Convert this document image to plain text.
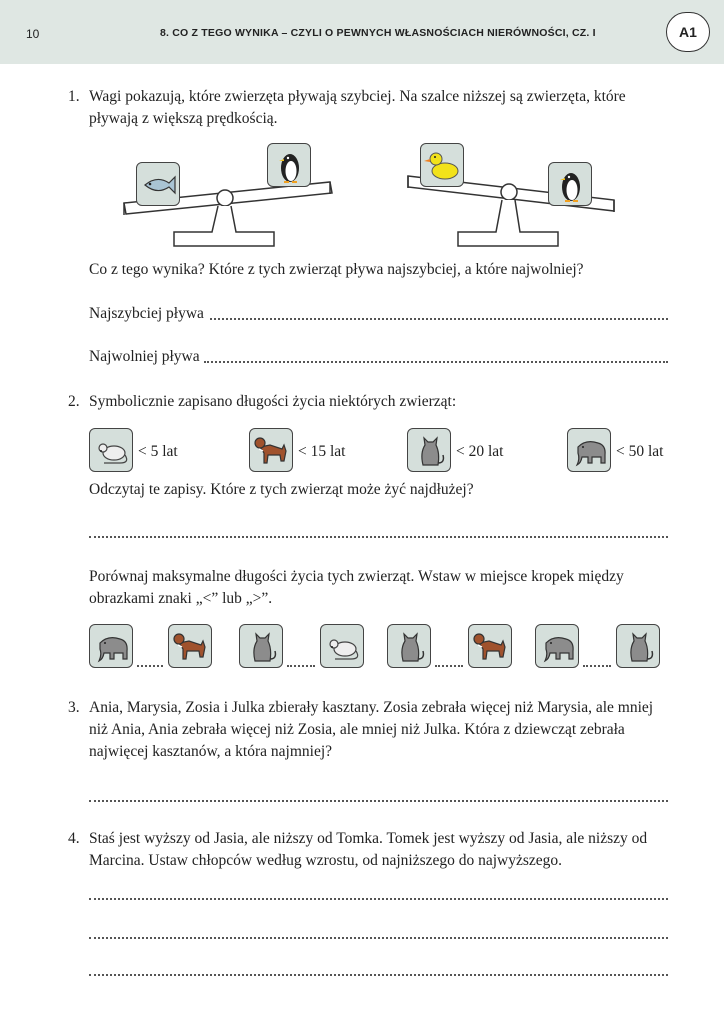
10	8. CO Z TEGO WYNIKA – CZYLI O PEWNYCH WŁASNOŚCIACH NIERÓWNOŚCI, CZ. I	A1
1. Wagi pokazują, które zwierzęta pływają szybciej. Na szalce niższej są zwierzęta, które
pływają z większą prędkością.
Co z tego wynika? Które z tych zwierząt pływa najszybciej, a które najwolniej?
Najszybciej pływa
Najwolniej pływa
2. Symbolicznie zapisano długości życia niektórych zwierząt:
< 5 lat	< 15 lat	< 20 lat	< 50 lat
Odczytaj te zapisy. Które z tych zwierząt może żyć najdłużej?
Porównaj maksymalne długości życia tych zwierząt. Wstaw w miejsce kropek między
obrazkami znaki „<” lub „>”.
3. Ania, Marysia, Zosia i Julka zbierały kasztany. Zosia zebrała więcej niż Marysia, ale mniej
niż Ania, Ania zebrała więcej niż Zosia, ale mniej niż Julka. Która z dziewcząt zebrała
najwięcej kasztanów, a która najmniej?
4. Staś jest wyższy od Jasia, ale niższy od Tomka. Tomek jest wyższy od Jasia, ale niższy od
Marcina. Ustaw chłopców według wzrostu, od najniższego do najwyższego.
